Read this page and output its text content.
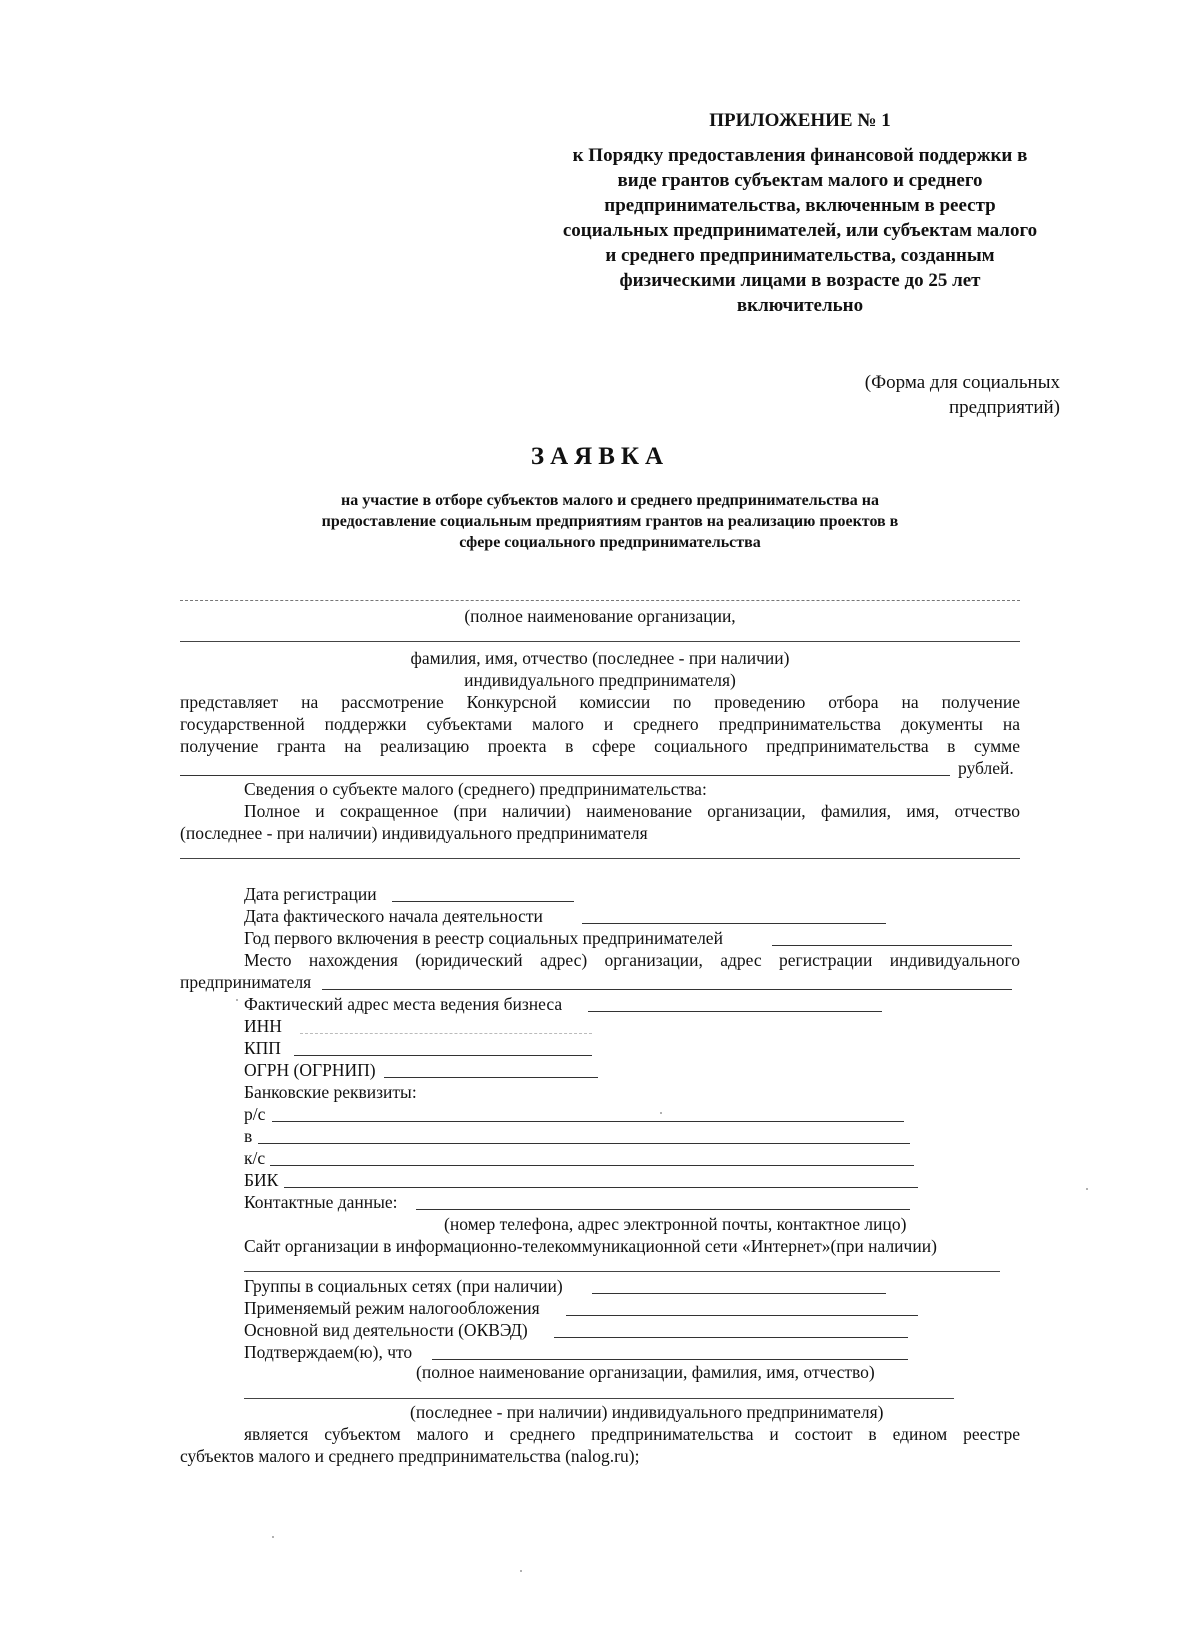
ПРИЛОЖЕНИЕ № 1
к Порядку предоставления финансовой поддержки в виде грантов субъектам малого и среднего предпринимательства, включенным в реестр социальных предпринимателей, или субъектам малого и среднего предпринимательства, созданным физическими лицами в возрасте до 25 лет включительно
(Форма для социальных предприятий)
ЗАЯВКА
на участие в отборе субъектов малого и среднего предпринимательства на предоставление социальным предприятиям грантов на реализацию проектов в сфере социального предпринимательства
(полное наименование организации,
фамилия, имя, отчество (последнее - при наличии)
индивидуального предпринимателя)
представляет на рассмотрение Конкурсной комиссии по проведению отбора на получение
государственной поддержки субъектами малого и среднего предпринимательства документы на
получение гранта на реализацию проекта в сфере социального предпринимательства в сумме
рублей.
Сведения о субъекте малого (среднего) предпринимательства:
Полное и сокращенное (при наличии) наименование организации, фамилия, имя, отчество
(последнее - при наличии) индивидуального предпринимателя
Дата регистрации
Дата фактического начала деятельности
Год первого включения в реестр социальных предпринимателей
Место нахождения (юридический адрес) организации, адрес регистрации индивидуального
предпринимателя
Фактический адрес места ведения бизнеса
ИНН
КПП
ОГРН (ОГРНИП)
Банковские реквизиты:
р/с
в
к/с
БИК
Контактные данные:
(номер телефона, адрес электронной почты, контактное лицо)
Сайт организации в информационно-телекоммуникационной сети «Интернет»(при наличии)
Группы в социальных сетях (при наличии)
Применяемый режим налогообложения
Основной вид деятельности (ОКВЭД)
Подтверждаем(ю), что
(полное наименование организации, фамилия, имя, отчество)
(последнее - при наличии) индивидуального предпринимателя)
является субъектом малого и среднего предпринимательства и состоит в едином реестре
субъектов малого и среднего предпринимательства (nalog.ru);
